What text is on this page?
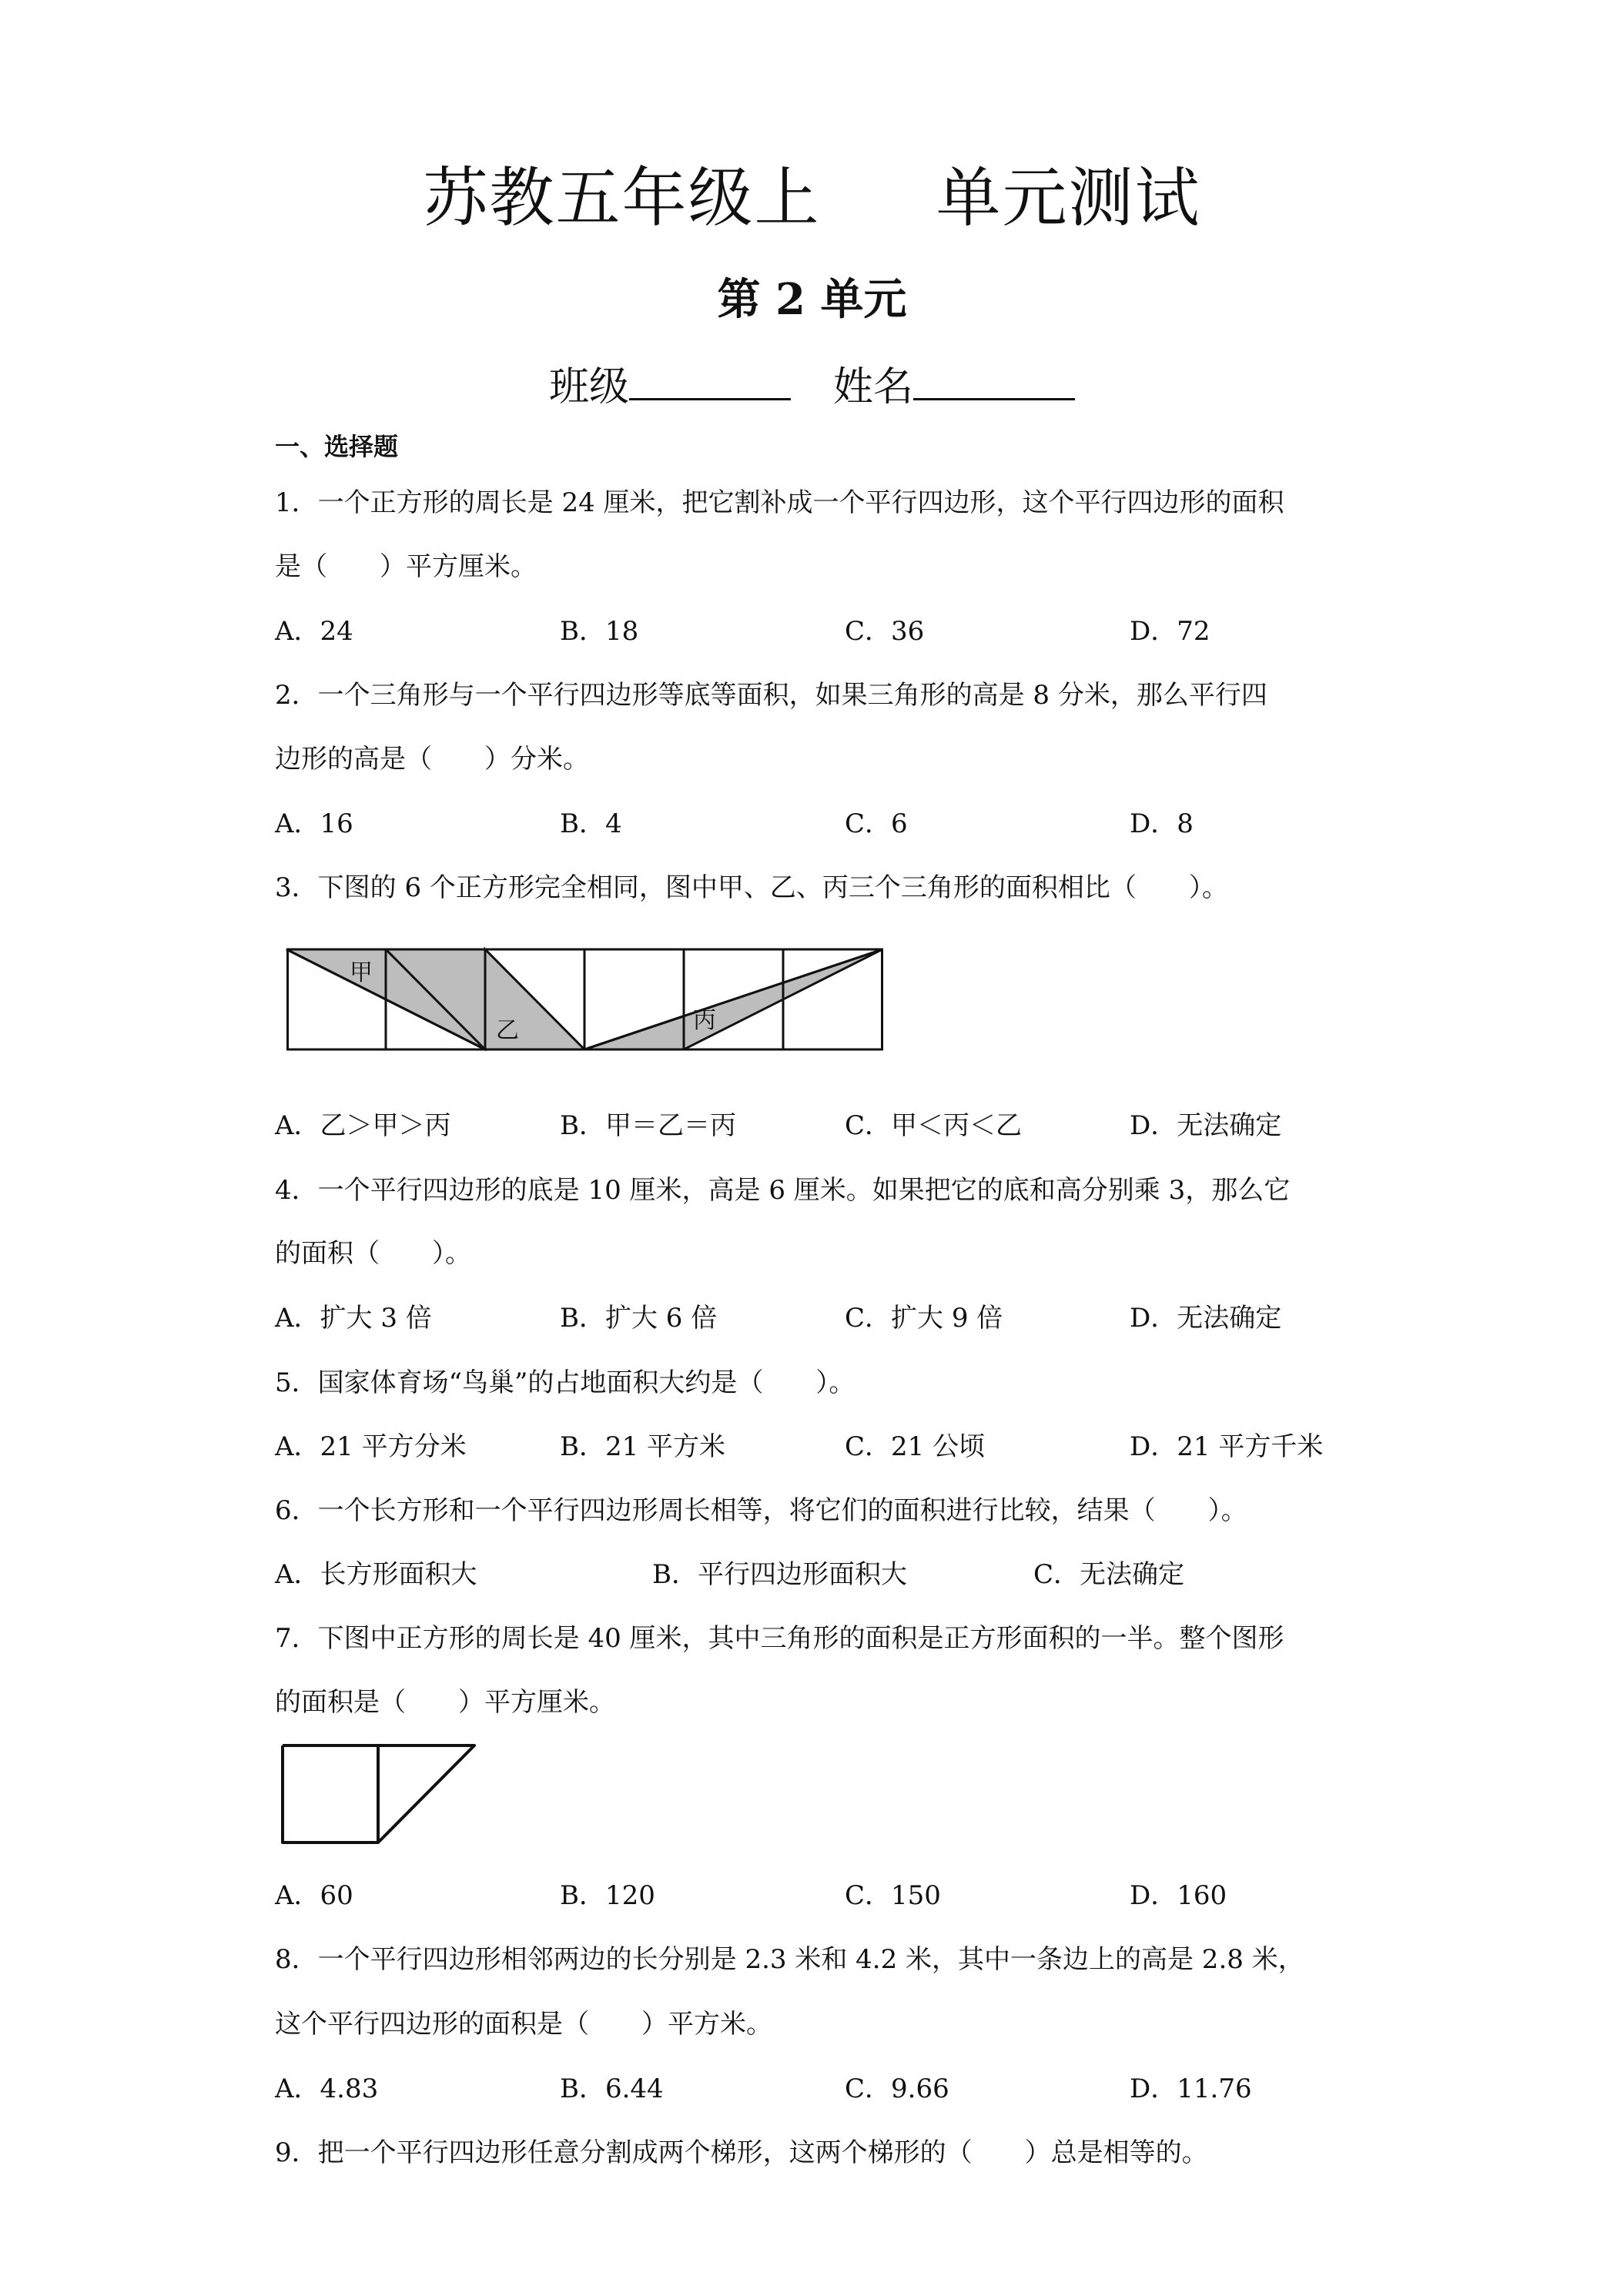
苏教五年级上 单元测试
第 2 单元
班级	姓名
一、选择题
1．一个正方形的周长是 24 厘米，把它割补成一个平行四边形，这个平行四边形的面积
是（　　）平方厘米。
A．24	B．18	C．36	D．72
2．一个三角形与一个平行四边形等底等面积，如果三角形的高是 8 分米，那么平行四
边形的高是（　　）分米。
A．16	B．4	C．6	D．8
3．下图的 6 个正方形完全相同，图中甲、乙、丙三个三角形的面积相比（　　）。
甲
乙	丙
A．乙＞甲＞丙	B．甲＝乙＝丙	C．甲＜丙＜乙	D．无法确定
4．一个平行四边形的底是 10 厘米，高是 6 厘米。如果把它的底和高分别乘 3，那么它
的面积（　　）。
A．扩大 3 倍	B．扩大 6 倍	C．扩大 9 倍	D．无法确定
5．国家体育场“鸟巢”的占地面积大约是（　　）。
A．21 平方分米	B．21 平方米	C．21 公顷	D．21 平方千米
6．一个长方形和一个平行四边形周长相等，将它们的面积进行比较，结果（　　）。
A．长方形面积大	B．平行四边形面积大	C．无法确定
7．下图中正方形的周长是 40 厘米，其中三角形的面积是正方形面积的一半。整个图形
的面积是（　　）平方厘米。
A．60	B．120	C．150	D．160
8．一个平行四边形相邻两边的长分别是 2.3 米和 4.2 米，其中一条边上的高是 2.8 米，
这个平行四边形的面积是（　　）平方米。
A．4.83	B．6.44	C．9.66	D．11.76
9．把一个平行四边形任意分割成两个梯形，这两个梯形的（　　）总是相等的。
